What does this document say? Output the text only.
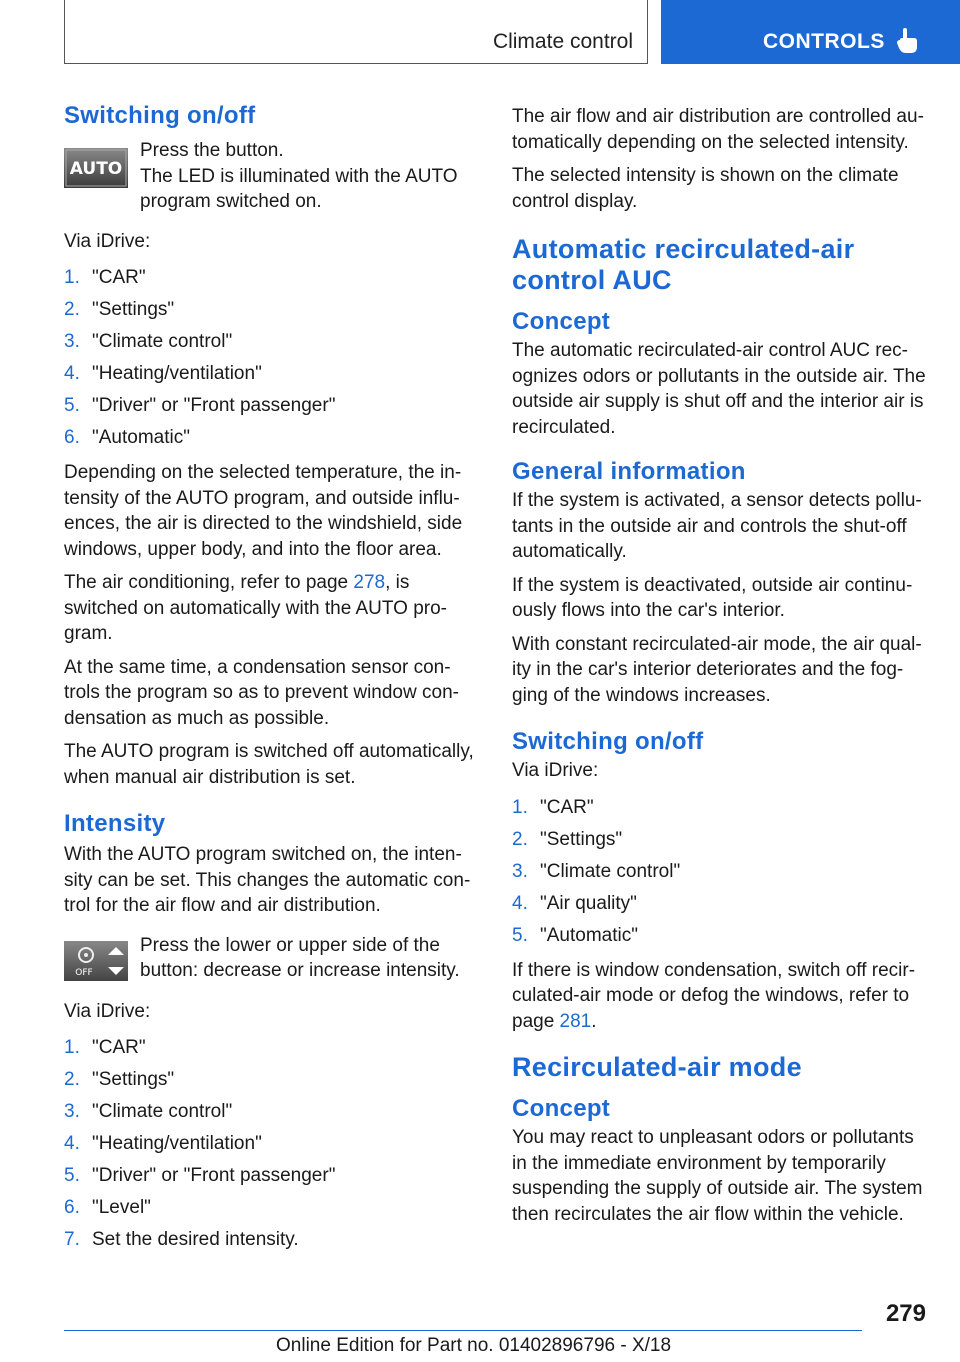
Climate control	CONTROLS
Switching on/off
AUTO

Press the button.

The LED is illuminated with the AUTO program switched on.

Via iDrive:

1. "CAR"
2. "Settings"
3. "Climate control"
4. "Heating/ventilation"
5. "Driver" or "Front passenger"
6. "Automatic"

Depending on the selected temperature, the intensity of the AUTO program, and outside influences, the air is directed to the windshield, side windows, upper body, and into the floor area.

The air conditioning, refer to page 278, is switched on automatically with the AUTO program.

At the same time, a condensation sensor controls the program so as to prevent window condensation as much as possible.

The AUTO program is switched off automatically, when manual air distribution is set.

Intensity

With the AUTO program switched on, the intensity can be set. This changes the automatic control for the air flow and air distribution.

OFF

Press the lower or upper side of the button: decrease or increase intensity.

Via iDrive:

1. "CAR"
2. "Settings"
3. "Climate control"
4. "Heating/ventilation"
5. "Driver" or "Front passenger"
6. "Level"
7. Set the desired intensity.

The air flow and air distribution are controlled automatically depending on the selected intensity.

The selected intensity is shown on the climate control display.

Automatic recirculated-air control AUC
Concept

The automatic recirculated-air control AUC recognizes odors or pollutants in the outside air. The outside air supply is shut off and the interior air is recirculated.

General information

If the system is activated, a sensor detects pollutants in the outside air and controls the shut-off automatically.

If the system is deactivated, outside air continuously flows into the car's interior.

With constant recirculated-air mode, the air quality in the car's interior deteriorates and the fogging of the windows increases.

Switching on/off

Via iDrive:

1. "CAR"
2. "Settings"
3. "Climate control"
4. "Air quality"
5. "Automatic"

If there is window condensation, switch off recirculated-air mode or defog the windows, refer to page 281.

Recirculated-air mode
Concept

You may react to unpleasant odors or pollutants in the immediate environment by temporarily suspending the supply of outside air. The system then recirculates the air flow within the vehicle.

279
Online Edition for Part no. 01402896796 - X/18
